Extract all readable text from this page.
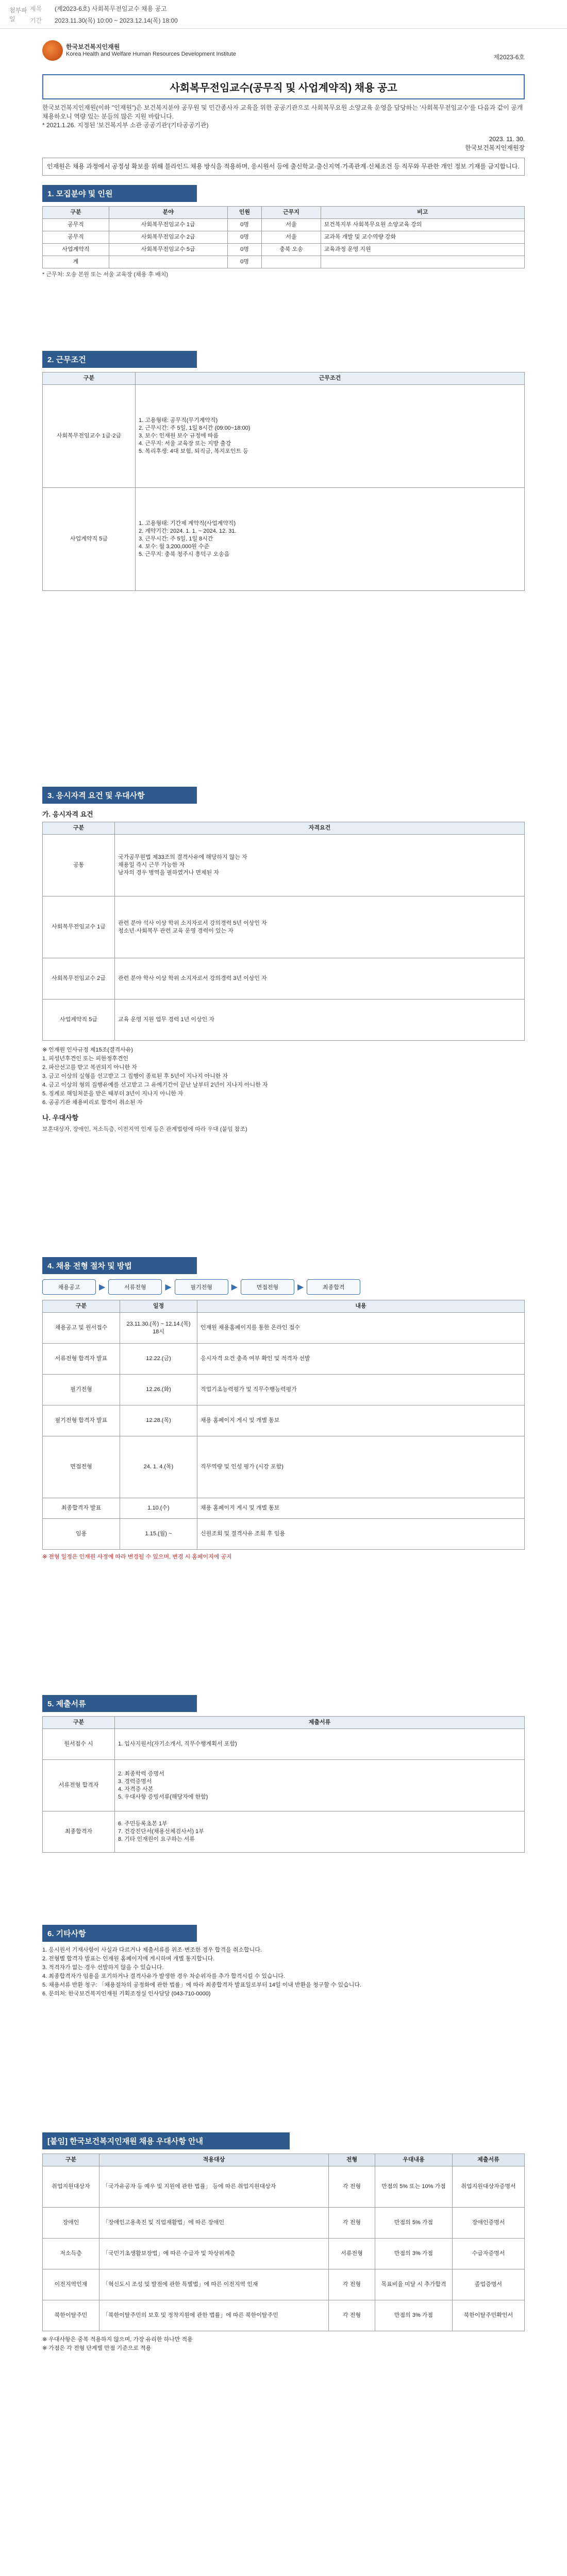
첨부파일
제목	(제2023-6호) 사회복무전임교수 채용 공고
기간	2023.11.30(목) 10:00 ~ 2023.12.14(목) 18:00
한국보건복지인재원
Korea Health and Welfare Human Resources Development Institute	제2023-6호
사회복무전임교수(공무직 및 사업계약직) 채용 공고

한국보건복지인재원(이하 "인재원")은 보건복지분야 공무원 및 민간종사자 교육을 위한 공공기관으로 사회복무요원 소양교육 운영을 담당하는 '사회복무전임교수'를 다음과 같이 공개 채용하오니 역량 있는 분들의 많은 지원 바랍니다.

* 2021.1.26. 지정된 '보건복지부 소관 공공기관'(기타공공기관)

2023. 11. 30.
한국보건복지인재원장
인재원은 채용 과정에서 공정성 확보를 위해 블라인드 채용 방식을 적용하며, 응시원서 등에 출신학교·출신지역·가족관계·신체조건 등 직무와 무관한 개인 정보 기재를 금지합니다.
1. 모집분야 및 인원
구분	분야	인원	근무지	비고
공무직	사회복무전임교수 1급	0명	서울	보건복지부 사회복무요원 소양교육 강의
공무직	사회복무전임교수 2급	0명	서울	교과목 개발 및 교수역량 강화
사업계약직	사회복무전임교수 5급	0명	충북 오송	교육과정 운영 지원
계		0명		

* 근무처: 오송 본원 또는 서울 교육장 (채용 후 배치)

2. 근무조건
구분	근무조건
사회복무전임교수 1급·2급	1. 고용형태: 공무직(무기계약직)
2. 근무시간: 주 5일, 1일 8시간 (09:00~18:00)
3. 보수: 인재원 보수 규정에 따름
4. 근무지: 서울 교육장 또는 지방 출강
5. 복리후생: 4대 보험, 퇴직금, 복지포인트 등
사업계약직 5급	1. 고용형태: 기간제 계약직(사업계약직)
2. 계약기간: 2024. 1. 1. ~ 2024. 12. 31.
3. 근무시간: 주 5일, 1일 8시간
4. 보수: 월 3,200,000원 수준
5. 근무지: 충북 청주시 흥덕구 오송읍
3. 응시자격 요건 및 우대사항
가. 응시자격 요건
구분	자격요건
공통	국가공무원법 제33조의 결격사유에 해당하지 않는 자
채용일 즉시 근무 가능한 자
남자의 경우 병역을 필하였거나 면제된 자
사회복무전임교수 1급	관련 분야 석사 이상 학위 소지자로서 강의경력 5년 이상인 자
청소년·사회복무 관련 교육 운영 경력이 있는 자
사회복무전임교수 2급	관련 분야 학사 이상 학위 소지자로서 강의경력 3년 이상인 자
사업계약직 5급	교육 운영 지원 업무 경력 1년 이상인 자
※ 인재원 인사규정 제15조(결격사유)
1. 피성년후견인 또는 피한정후견인
2. 파산선고를 받고 복권되지 아니한 자
3. 금고 이상의 실형을 선고받고 그 집행이 종료된 후 5년이 지나지 아니한 자
4. 금고 이상의 형의 집행유예를 선고받고 그 유예기간이 끝난 날부터 2년이 지나지 아니한 자
5. 징계로 해임처분을 받은 때부터 3년이 지나지 아니한 자
6. 공공기관 채용비리로 합격이 취소된 자
나. 우대사항

보훈대상자, 장애인, 저소득층, 이전지역 인재 등은 관계법령에 따라 우대 (붙임 참조)

4. 채용 전형 절차 및 방법
채용공고	▶	서류전형	▶	필기전형	▶	면접전형	▶	최종합격
구분	일정	내용
채용공고 및 원서접수	23.11.30.(목) ~ 12.14.(목) 18시	인재원 채용홈페이지를 통한 온라인 접수
서류전형 합격자 발표	12.22.(금)	응시자격 요건 충족 여부 확인 및 적격자 선발
필기전형	12.26.(화)	직업기초능력평가 및 직무수행능력평가
필기전형 합격자 발표	12.28.(목)	채용 홈페이지 게시 및 개별 통보
면접전형	24. 1. 4.(목)	직무역량 및 인성 평가 (시강 포함)
최종합격자 발표	1.10.(수)	채용 홈페이지 게시 및 개별 통보
임용	1.15.(월) ~	신원조회 및 결격사유 조회 후 임용

※ 전형 일정은 인재원 사정에 따라 변경될 수 있으며, 변경 시 홈페이지에 공지

5. 제출서류
구분	제출서류
원서접수 시	1. 입사지원서(자기소개서, 직무수행계획서 포함)
서류전형 합격자	2. 최종학력 증명서
3. 경력증명서
4. 자격증 사본
5. 우대사항 증빙서류(해당자에 한함)
최종합격자	6. 주민등록초본 1부
7. 건강진단서(채용신체검사서) 1부
8. 기타 인재원이 요구하는 서류
6. 기타사항
1. 응시원서 기재사항이 사실과 다르거나 제출서류를 위조·변조한 경우 합격을 취소합니다.
2. 전형별 합격자 발표는 인재원 홈페이지에 게시하며 개별 통지합니다.
3. 적격자가 없는 경우 선발하지 않을 수 있습니다.
4. 최종합격자가 임용을 포기하거나 결격사유가 발생한 경우 차순위자를 추가 합격시킬 수 있습니다.
5. 채용서류 반환 청구: 「채용절차의 공정화에 관한 법률」에 따라 최종합격자 발표일로부터 14일 이내 반환을 청구할 수 있습니다.
6. 문의처: 한국보건복지인재원 기획조정실 인사담당 (043-710-0000)
[붙임] 한국보건복지인재원 채용 우대사항 안내
구분	적용대상	전형	우대내용	제출서류
취업지원대상자	「국가유공자 등 예우 및 지원에 관한 법률」 등에 따른 취업지원대상자	각 전형	만점의 5% 또는 10% 가점	취업지원대상자증명서
장애인	「장애인고용촉진 및 직업재활법」에 따른 장애인	각 전형	만점의 5% 가점	장애인증명서
저소득층	「국민기초생활보장법」에 따른 수급자 및 차상위계층	서류전형	만점의 3% 가점	수급자증명서
이전지역인재	「혁신도시 조성 및 발전에 관한 특별법」에 따른 이전지역 인재	각 전형	목표비율 미달 시 추가합격	졸업증명서
북한이탈주민	「북한이탈주민의 보호 및 정착지원에 관한 법률」에 따른 북한이탈주민	각 전형	만점의 3% 가점	북한이탈주민확인서
※ 우대사항은 중복 적용하지 않으며, 가장 유리한 하나만 적용
※ 가점은 각 전형 단계별 만점 기준으로 적용
